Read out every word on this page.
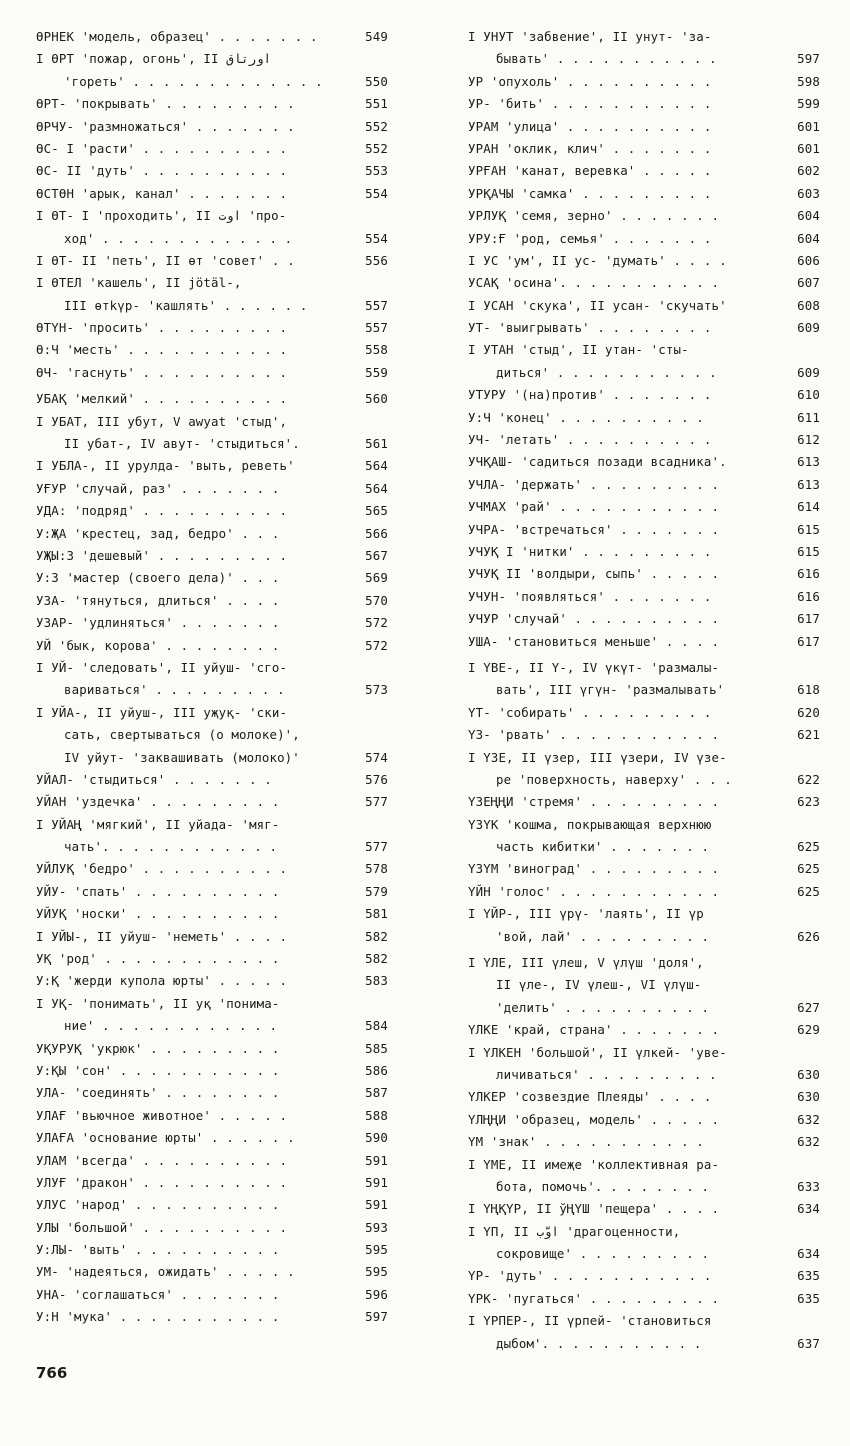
ӨРНЕК 'модель, образец' . . . . . . .	549
I ӨРТ 'пожар, огонь', II اورتاق
'гореть' . . . . . . . . . . . . .	550
ӨРТ- 'покрывать' . . . . . . . . .	551
ӨРЧУ- 'размножаться' . . . . . . .	552
ӨС- I 'расти' . . . . . . . . . .	552
ӨС- II 'дуть' . . . . . . . . . .	553
ӨСТӨН 'арык, канал' . . . . . . .	554
I ӨТ- I 'проходить', II اوت 'про-
ход' . . . . . . . . . . . . .	554
I ӨТ- II 'петь', II өт 'совет' . .	556
I ӨТЕЛ 'кашель', II jötäl-,
III өтkүр- 'кашлять' . . . . . .	557
ӨТҮН- 'просить' . . . . . . . . .	557
Ө:Ч 'месть' . . . . . . . . . . .	558
ӨЧ- 'гаснуть' . . . . . . . . . .	559
УБАҚ 'мелкий' . . . . . . . . . .	560
I УБАТ, III убут, V awyat 'стыд',
II убат-, IV авут- 'стыдиться'.	561
I УБЛА-, II урулда- 'выть, реветь'	564
УҒУР 'случай, раз' . . . . . . .	564
УДА: 'подряд' . . . . . . . . . .	565
У:ҖА 'крестец, зад, бедро' . . .	566
УҖЫ:З 'дешевый' . . . . . . . . .	567
У:З 'мастер (своего дела)' . . .	569
УЗА- 'тянуться, длиться' . . . .	570
УЗАР- 'удлиняться' . . . . . . .	572
УЙ 'бык, корова' . . . . . . . .	572
I УЙ- 'следовать', II уйуш- 'сго-
вариваться' . . . . . . . . .	573
I УЙА-, II уйуш-, III уҗуқ- 'ски-
сать, свертываться (о молоке)',
IV уйут- 'заквашивать (молоко)'	574
УЙАЛ- 'стыдиться' . . . . . . .	576
УЙАН 'уздечка' . . . . . . . . .	577
I УЙАҢ 'мягкий', II уйада- 'мяг-
чать'. . . . . . . . . . . .	577
УЙЛУҚ 'бедро' . . . . . . . . . .	578
УЙУ- 'спать' . . . . . . . . . .	579
УЙУҚ 'носки' . . . . . . . . . .	581
I УЙЫ-, II уйуш- 'неметь' . . . .	582
УҚ 'род' . . . . . . . . . . . .	582
У:Қ 'жерди купола юрты' . . . . .	583
I УҚ- 'понимать', II уқ 'понима-
ние' . . . . . . . . . . . .	584
УҚУРУҚ 'укрюк' . . . . . . . . .	585
У:ҚЫ 'сон' . . . . . . . . . . .	586
УЛА- 'соединять' . . . . . . . .	587
УЛАҒ 'вьючное животное' . . . . .	588
УЛАҒА 'основание юрты' . . . . . .	590
УЛАМ 'всегда' . . . . . . . . . .	591
УЛУҒ 'дракон' . . . . . . . . . .	591
УЛУС 'народ' . . . . . . . . . .	591
УЛЫ 'большой' . . . . . . . . . .	593
У:ЛЫ- 'выть' . . . . . . . . . .	595
УМ- 'надеяться, ожидать' . . . . .	595
УНА- 'соглашаться' . . . . . . .	596
У:Н 'мука' . . . . . . . . . . .	597
I УНУТ 'забвение', II унут- 'за-
бывать' . . . . . . . . . . .	597
УР 'опухоль' . . . . . . . . . .	598
УР- 'бить' . . . . . . . . . . .	599
УРАМ 'улица' . . . . . . . . . .	601
УРАН 'оклик, клич' . . . . . . .	601
УРҒАН 'канат, веревка' . . . . .	602
УРҚАЧЫ 'самка' . . . . . . . . .	603
УРЛУҚ 'семя, зерно' . . . . . . .	604
УРУ:Ғ 'род, семья' . . . . . . .	604
I УС 'ум', II ус- 'думать' . . . .	606
УСАҚ 'осина'. . . . . . . . . . .	607
I УСАН 'скука', II усан- 'скучать'	608
УТ- 'выигрывать' . . . . . . . .	609
I УТАН 'стыд', II утан- 'сты-
диться' . . . . . . . . . . .	609
УТУРУ '(на)против' . . . . . . .	610
У:Ч 'конец' . . . . . . . . . .	611
УЧ- 'летать' . . . . . . . . . .	612
УЧҚАШ- 'садиться позади всадника'.	613
УЧЛА- 'держать' . . . . . . . . .	613
УЧМАХ 'рай' . . . . . . . . . . .	614
УЧРА- 'встречаться' . . . . . . .	615
УЧУҚ I 'нитки' . . . . . . . . .	615
УЧУҚ II 'волдыри, сыпь' . . . . .	616
УЧУН- 'появляться' . . . . . . .	616
УЧУР 'случай' . . . . . . . . . .	617
УША- 'становиться меньше' . . . .	617
I ҮВЕ-, II Ү-, IV үкүт- 'размалы-
вать', III үгүн- 'размалывать'	618
ҮТ- 'собирать' . . . . . . . . .	620
ҮЗ- 'рвать' . . . . . . . . . . .	621
I ҮЗЕ, II үзер, III үзери, IV үзе-
ре 'поверхность, наверху' . . .	622
ҮЗЕҢҢИ 'стремя' . . . . . . . . .	623
ҮЗҮК 'кошма, покрывающая верхнюю
часть кибитки' . . . . . . .	625
ҮЗҮМ 'виноград' . . . . . . . . .	625
ҮЙН 'голос' . . . . . . . . . . .	625
I ҮЙР-, III үрү- 'лаять', II үр
'вой, лай' . . . . . . . . .	626
I ҮЛЕ, III үлеш, V үлүш 'доля',
II үле-, IV үлеш-, VI үлүш-
'делить' . . . . . . . . . .	627
ҮЛКЕ 'край, страна' . . . . . . .	629
I ҮЛКЕН 'большой', II үлкей- 'уве-
личиваться' . . . . . . . . .	630
ҮЛКЕР 'созвездие Плеяды' . . . .	630
ҮЛҢҢИ 'образец, модель' . . . . .	632
ҮМ 'знак' . . . . . . . . . . .	632
I ҮМЕ, II имеҗе 'коллективная ра-
бота, помочь'. . . . . . . .	633
I ҮҢҚҮР, II ўҢҮШ 'пещера' . . . .	634
I ҮП, II اوّب 'драгоценности,
сокровище' . . . . . . . . .	634
ҮР- 'дуть' . . . . . . . . . . .	635
ҮРК- 'пугаться' . . . . . . . . .	635
I ҮРПЕР-, II үрпей- 'становиться
дыбом'. . . . . . . . . . .	637
766
